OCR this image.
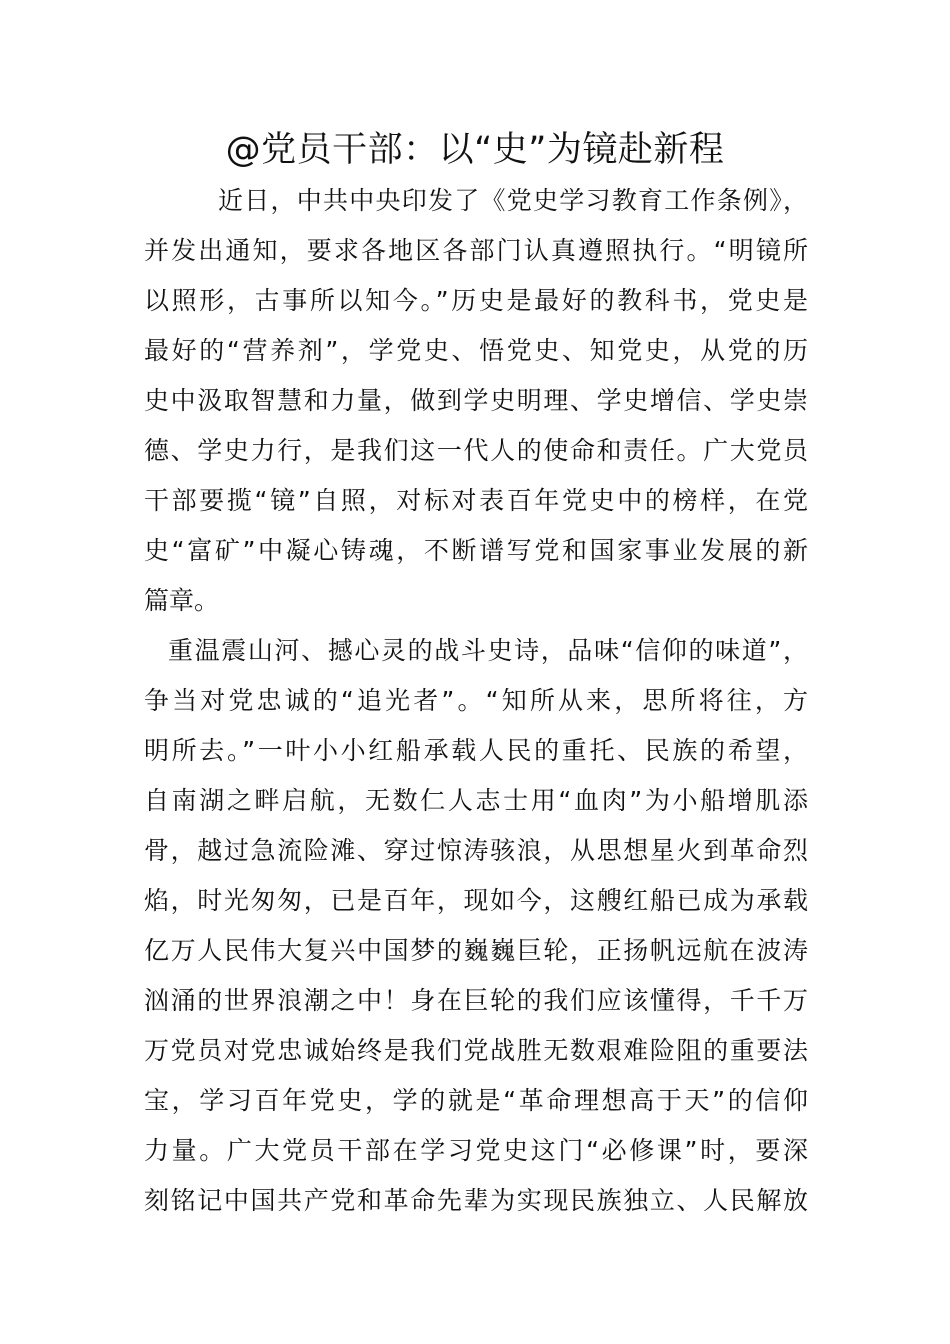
@党员干部：以“史”为镜赴新程
近日，中共中央印发了《党史学习教育工作条例》，
并发出通知，要求各地区各部门认真遵照执行。“明镜所
以照形，古事所以知今。”历史是最好的教科书，党史是
最好的“营养剂”，学党史、悟党史、知党史，从党的历
史中汲取智慧和力量，做到学史明理、学史增信、学史崇
德、学史力行，是我们这一代人的使命和责任。广大党员
干部要揽“镜”自照，对标对表百年党史中的榜样，在党
史“富矿”中凝心铸魂，不断谱写党和国家事业发展的新
篇章。
重温震山河、撼心灵的战斗史诗，品味“信仰的味道”，
争当对党忠诚的“追光者”。“知所从来，思所将往，方
明所去。”一叶小小红船承载人民的重托、民族的希望，
自南湖之畔启航，无数仁人志士用“血肉”为小船增肌添
骨，越过急流险滩、穿过惊涛骇浪，从思想星火到革命烈
焰，时光匆匆，已是百年，现如今，这艘红船已成为承载
亿万人民伟大复兴中国梦的巍巍巨轮，正扬帆远航在波涛
汹涌的世界浪潮之中！身在巨轮的我们应该懂得，千千万
万党员对党忠诚始终是我们党战胜无数艰难险阻的重要法
宝，学习百年党史，学的就是“革命理想高于天”的信仰
力量。广大党员干部在学习党史这门“必修课”时，要深
刻铭记中国共产党和革命先辈为实现民族独立、人民解放
